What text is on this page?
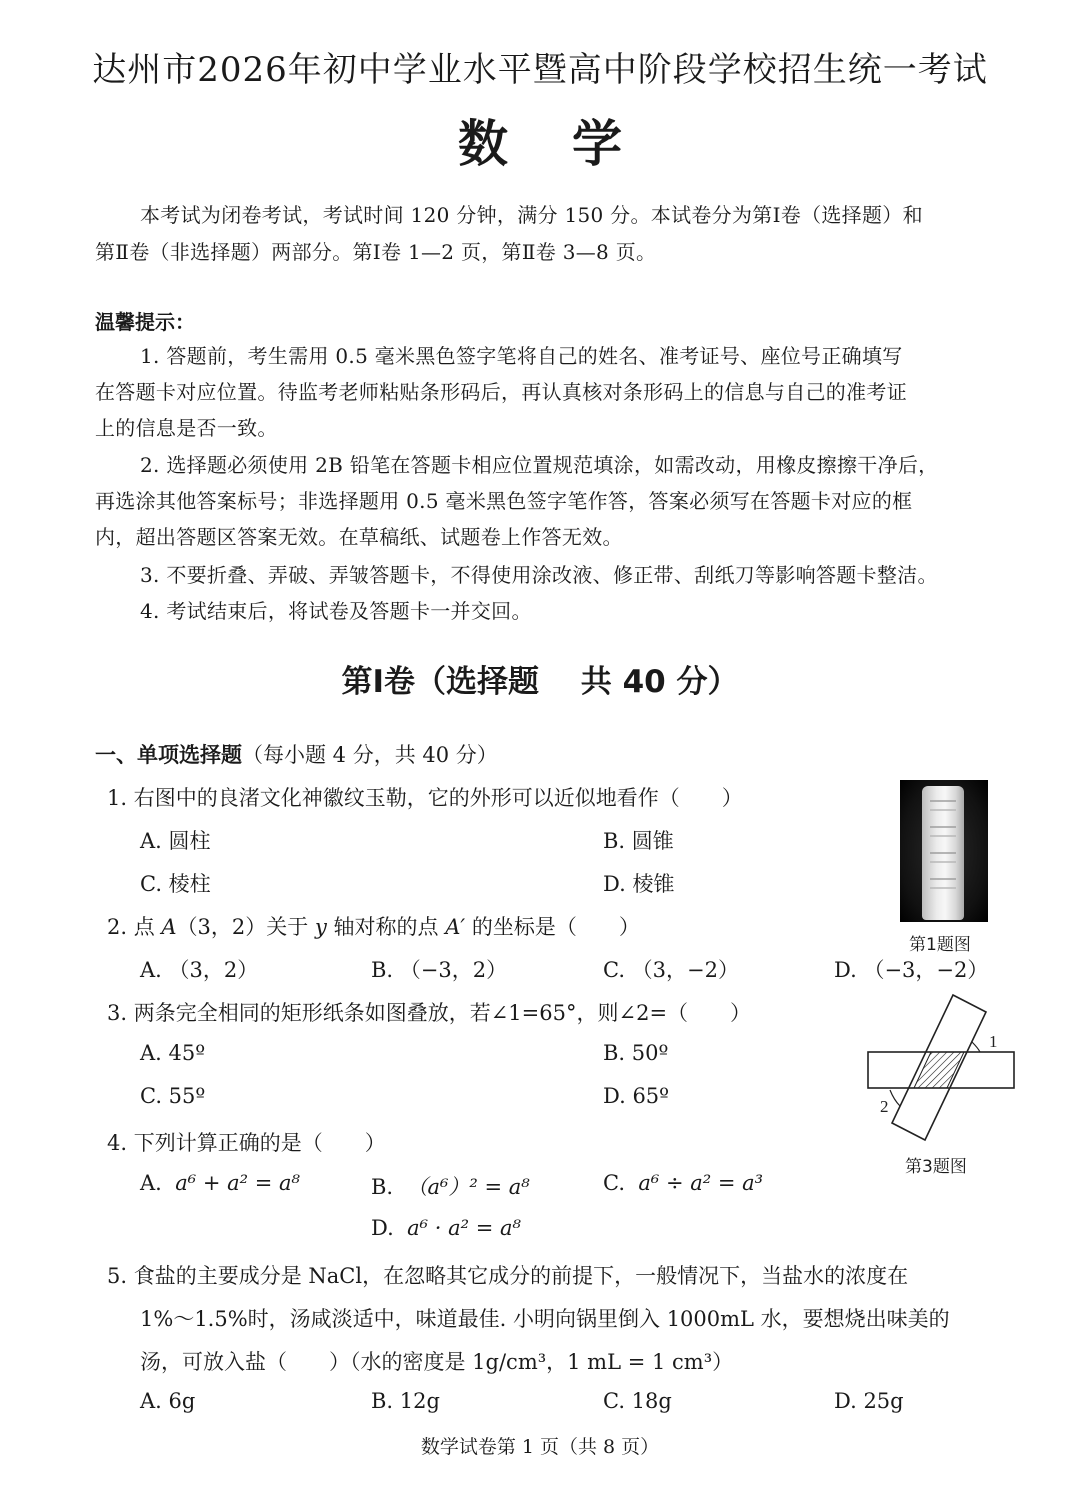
达州市2026年初中学业水平暨高中阶段学校招生统一考试
数学
本考试为闭卷考试，考试时间 120 分钟，满分 150 分。本试卷分为第Ⅰ卷（选择题）和
第Ⅱ卷（非选择题）两部分。第Ⅰ卷 1—2 页，第Ⅱ卷 3—8 页。
温馨提示：
1. 答题前，考生需用 0.5 毫米黑色签字笔将自己的姓名、准考证号、座位号正确填写
在答题卡对应位置。待监考老师粘贴条形码后，再认真核对条形码上的信息与自己的准考证
上的信息是否一致。
2. 选择题必须使用 2B 铅笔在答题卡相应位置规范填涂，如需改动，用橡皮擦擦干净后，
再选涂其他答案标号；非选择题用 0.5 毫米黑色签字笔作答，答案必须写在答题卡对应的框
内，超出答题区答案无效。在草稿纸、试题卷上作答无效。
3. 不要折叠、弄破、弄皱答题卡，不得使用涂改液、修正带、刮纸刀等影响答题卡整洁。
4. 考试结束后，将试卷及答题卡一并交回。
第Ⅰ卷（选择题　 共 40 分）
一、单项选择题（每小题 4 分，共 40 分）
1. 右图中的良渚文化神徽纹玉勒，它的外形可以近似地看作（　　）
A. 圆柱	B. 圆锥
C. 棱柱	D. 棱锥
第1题图
2. 点 A（3，2）关于 y 轴对称的点 A′ 的坐标是（　　）
A. （3，2）	B. （−3，2）	C. （3，−2）	D. （−3，−2）
3. 两条完全相同的矩形纸条如图叠放，若∠1=65°，则∠2=（　　）
A. 45º	B. 50º
C. 55º	D. 65º
1
2
第3题图
4. 下列计算正确的是（　　）
A. a⁶ + a² = a⁸	B. （a⁶）² = a⁸	C. a⁶ ÷ a² = a³
D. a⁶ · a² = a⁸
5. 食盐的主要成分是 NaCl，在忽略其它成分的前提下，一般情况下，当盐水的浓度在
1%～1.5%时，汤咸淡适中，味道最佳. 小明向锅里倒入 1000mL 水，要想烧出味美的
汤，可放入盐（　　）（水的密度是 1g/cm³，1 mL = 1 cm³）
A. 6g	B. 12g	C. 18g	D. 25g
数学试卷第 1 页（共 8 页）
